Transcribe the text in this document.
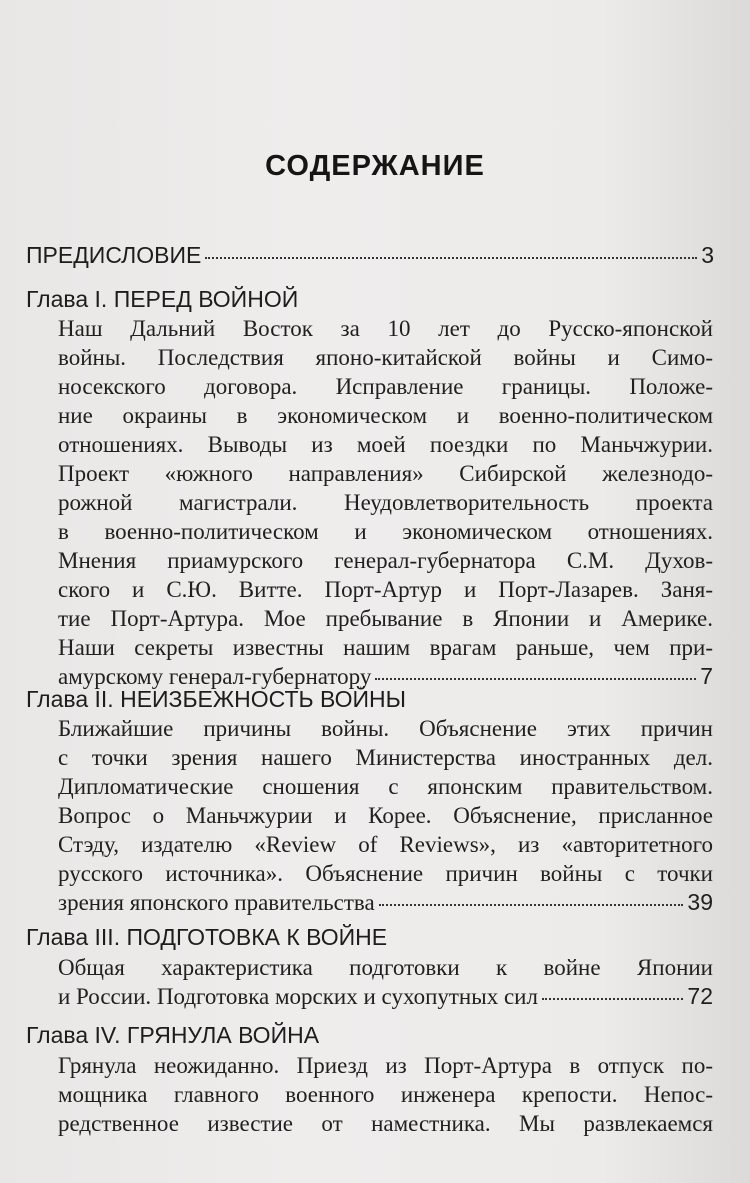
СОДЕРЖАНИЕ
ПРЕДИСЛОВИЕ	3
Глава I. ПЕРЕД ВОЙНОЙ
Наш Дальний Восток за 10 лет до Русско-японской
войны. Последствия японо-китайской войны и Симо-
носекского договора. Исправление границы. Положе-
ние окраины в экономическом и военно-политическом
отношениях. Выводы из моей поездки по Маньчжурии.
Проект «южного направления» Сибирской железнодо-
рожной магистрали. Неудовлетворительность проекта
в военно-политическом и экономическом отношениях.
Мнения приамурского генерал-губернатора С.М. Духов-
ского и С.Ю. Витте. Порт-Артур и Порт-Лазарев. Заня-
тие Порт-Артура. Мое пребывание в Японии и Америке.
Наши секреты известны нашим врагам раньше, чем при-
амурскому генерал-губернатору	7
Глава II. НЕИЗБЕЖНОСТЬ ВОЙНЫ
Ближайшие причины войны. Объяснение этих причин
с точки зрения нашего Министерства иностранных дел.
Дипломатические сношения с японским правительством.
Вопрос о Маньчжурии и Корее. Объяснение, присланное
Стэду, издателю «Review of Reviews», из «авторитетного
русского источника». Объяснение причин войны с точки
зрения японского правительства	39
Глава III. ПОДГОТОВКА К ВОЙНЕ
Общая характеристика подготовки к войне Японии
и России. Подготовка морских и сухопутных сил	72
Глава IV. ГРЯНУЛА ВОЙНА
Грянула неожиданно. Приезд из Порт-Артура в отпуск по-
мощника главного военного инженера крепости. Непос-
редственное известие от наместника. Мы развлекаемся
